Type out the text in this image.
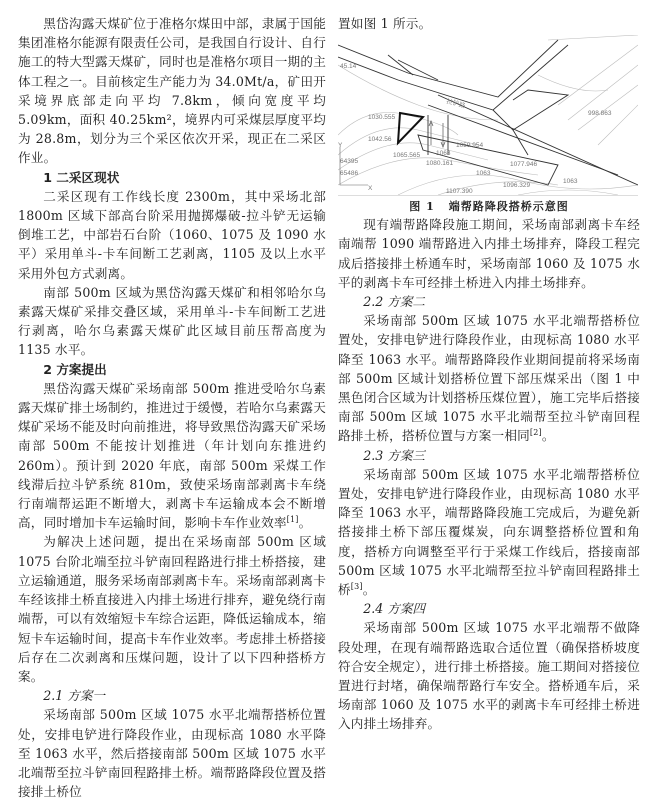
黑岱沟露天煤矿位于准格尔煤田中部，隶属于国能集团准格尔能源有限责任公司，是我国自行设计、自行施工的特大型露天煤矿，同时也是准格尔项目一期的主体工程之一。目前核定生产能力为 34.0Mt/a，矿田开采境界底部走向平均 7.8km，倾向宽度平均 5.09km，面积 40.25km²，境界内可采煤层厚度平均为 28.8m，划分为三个采区依次开采，现正在二采区作业。

1 二采区现状

二采区现有工作线长度 2300m，其中采场北部 1800m 区域下部高台阶采用抛掷爆破-拉斗铲无运输倒堆工艺，中部岩石台阶（1060、1075 及 1090 水平）采用单斗-卡车间断工艺剥离，1105 及以上水平采用外包方式剥离。

南部 500m 区域为黑岱沟露天煤矿和相邻哈尔乌素露天煤矿采排交叠区域，采用单斗-卡车间断工艺进行剥离，哈尔乌素露天煤矿此区域目前压帮高度为 1135 水平。

2 方案提出

黑岱沟露天煤矿采场南部 500m 推进受哈尔乌素露天煤矿排土场制约，推进过于缓慢，若哈尔乌素露天煤矿采场不能及时向前推进，将导致黑岱沟露天矿采场南部 500m 不能按计划推进（年计划向东推进约 260m）。预计到 2020 年底，南部 500m 采煤工作线滞后拉斗铲系统 810m，致使采场南部剥离卡车绕行南端帮运距不断增大，剥离卡车运输成本会不断增高，同时增加卡车运输时间，影响卡车作业效率[1]。

为解决上述问题，提出在采场南部 500m 区域 1075 台阶北端至拉斗铲南回程路进行排土桥搭接，建立运输通道，服务采场南部剥离卡车。采场南部剥离卡车经该排土桥直接进入内排土场进行排弃，避免绕行南端帮，可以有效缩短卡车综合运距，降低运输成本，缩短卡车运输时间，提高卡车作业效率。考虑排土桥搭接后存在二次剥离和压煤问题，设计了以下四种搭桥方案。

2.1 方案一

采场南部 500m 区域 1075 水平北端帮搭桥位置处，安排电铲进行降段作业，由现标高 1080 水平降至 1063 水平，然后搭接南部 500m 区域 1075 水平北端帮至拉斗铲南回程路排土桥。端帮路降段位置及搭接排土桥位

置如图 1 所示。

45.14
拉铲路
1030.555
1042.56
1065.565 1063
1059.954
1080.161
1063
1077.946
998.863
64395
65486
Y
X	1096.329
1063
1107.390
图 1 端帮路降段搭桥示意图

现有端帮路降段施工期间，采场南部剥离卡车经南端帮 1090 端帮路进入内排土场排弃，降段工程完成后搭接排土桥通车时，采场南部 1060 及 1075 水平的剥离卡车可经排土桥进入内排土场排弃。

2.2 方案二

采场南部 500m 区域 1075 水平北端帮搭桥位置处，安排电铲进行降段作业，由现标高 1080 水平降至 1063 水平。端帮路降段作业期间提前将采场南部 500m 区域计划搭桥位置下部压煤采出（图 1 中黑色闭合区域为计划搭桥压煤位置），施工完毕后搭接南部 500m 区域 1075 水平北端帮至拉斗铲南回程路排土桥，搭桥位置与方案一相同[2]。

2.3 方案三

采场南部 500m 区域 1075 水平北端帮搭桥位置处，安排电铲进行降段作业，由现标高 1080 水平降至 1063 水平，端帮路降段施工完成后，为避免新搭接排土桥下部压覆煤炭，向东调整搭桥位置和角度，搭桥方向调整至平行于采煤工作线后，搭接南部 500m 区域 1075 水平北端帮至拉斗铲南回程路排土桥[3]。

2.4 方案四

采场南部 500m 区域 1075 水平北端帮不做降段处理，在现有端帮路选取合适位置（确保搭桥坡度符合安全规定），进行排土桥搭接。施工期间对搭接位置进行封堵，确保端帮路行车安全。搭桥通车后，采场南部 1060 及 1075 水平的剥离卡车可经排土桥进入内排土场排弃。
